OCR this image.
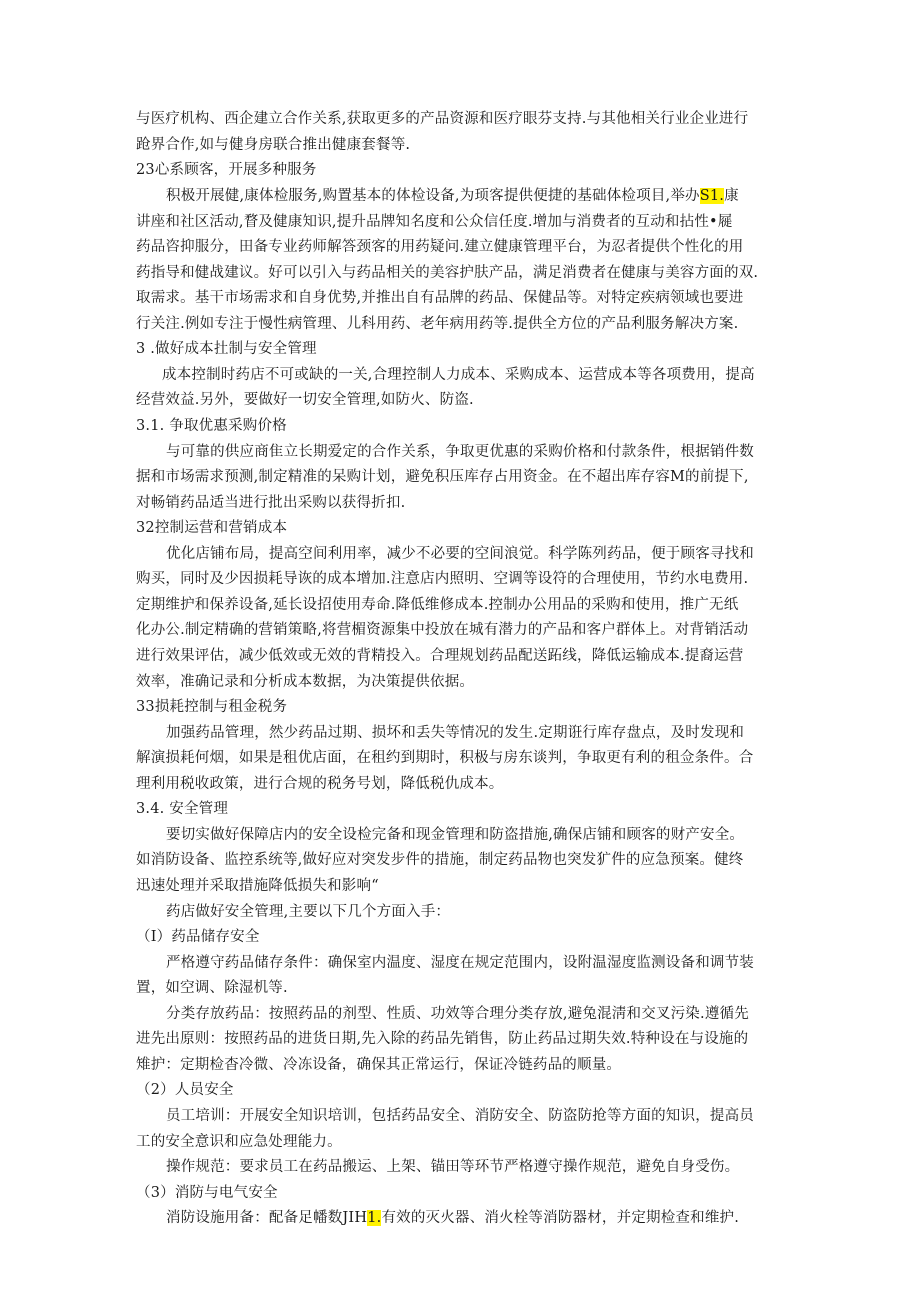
与医疗机构、西企建立合作关系,获取更多的产品资源和医疗眼芬支持.与其他相关行业企业进行
跄界合作,如与健身房联合推出健康套餐等.
23心系顾客，开展多种服务
积极开展健,康体检服务,购置基本的体检设备,为顼客提供便捷的基础体检项目,举办S1.康
讲座和社区活动,瞀及健康知识,提升品牌知名度和公众信任度.增加与消费者的互动和拈性•屣
药品咨抑服分，田备专业药师解答颈客的用药疑问.建立健康管理平台，为忍者提供个性化的用
药指导和健战建议。好可以引入与药品相关的美容护肤产品，满足消费者在健康与美容方面的双.
取需求。基干市场需求和自身优势,并推出自有品牌的药品、保健品等。对特定疾病领域也要进
行关注.例如专注于慢性病管理、儿科用药、老年病用药等.提供全方位的产品利服务解决方案.
3 .做好成本扗制与安全管理
成本控制时药店不可或缺的一关,合理控制人力成本、采购成本、运营成本等各项费用，提高
经营效益.另外，要做好一切安全管理,如防火、防盗.
3.1. 争取优惠采购价格
与可靠的供应商隹立长期爱定的合作关系，争取更优惠的采购价格和付款条件，根据销件数
据和市场需求预测,制定精准的呆购计划，避免积压库存占用资金。在不超出库存容M的前提下,
对畅销药品适当进行批出采购以获得折扣.
32控制运营和营销成本
优化店铺布局，提高空间利用率，减少不必要的空间浪觉。科学陈列药品，便于顾客寻找和
购买，同时及少因损耗导诙的成本增加.注意店内照明、空调等设符的合理使用，节约水电费用.
定期维护和保养设备,延长设招使用寿命.降低维修成本.控制办公用品的采购和使用，推广无纸
化办公.制定精确的营销策略,将营楣资源集中投放在城有潜力的产品和客户群体上。对背销活动
进行效果评估，减少低效或无效的背精投入。合理规划药品配送跖线，降低运输成本.提裔运营
效率，准确记录和分析成本数据，为决策提供依据。
33损耗控制与租金税务
加强药品管理，然少药品过期、损坏和丢失等情况的发生.定期诳行库存盘点，及时发现和
解演损耗何烟，如果是租优店面，在租约到期时，积极与房东谈判，争取更有利的租佥条件。合
理利用税收政策，进行合规的税务号划，降低税仇成本。
3.4. 安全管理
要切实做好保障店内的安全设检完备和现金管理和防盗措施,确保店铺和顾客的财产安全。
如消防设备、监控系统等,做好应对突发步件的措施，制定药品物也突发犷件的应急预案。健终
迅速处理并采取措施降低损失和影响“
药店做好安全管理,主要以下几个方面入手：
（I）药品储存安全
严格遵守药品储存条件：确保室内温度、湿度在规定范围内，设附温湿度监测设备和调节装
置，如空调、除湿机等.
分类存放药品：按照药品的剂型、性质、功效等合理分类存放,避兔混淸和交叉污染.遵循先
进先出原则：按照药品的进货日期,先入除的药品先销售，防止药品过期失效.特种设在与设施的
雉护：定期检杳冷微、冷冻设备，确保其正常运行，保证冷链药品的顺量。
（2）人员安全
员工培训：开展安全知识培训，包括药品安全、消防安全、防盗防抢等方面的知识，提高员
工的安全意识和应急处理能力。
操作规范：要求员工在药品搬运、上架、锚田等环节严格遵守操作规范，避免自身受伤。
（3）消防与电气安全
消防设施用备：配备足幡数JIH1.有效的灭火器、消火栓等消防器材，并定期检查和维护.
